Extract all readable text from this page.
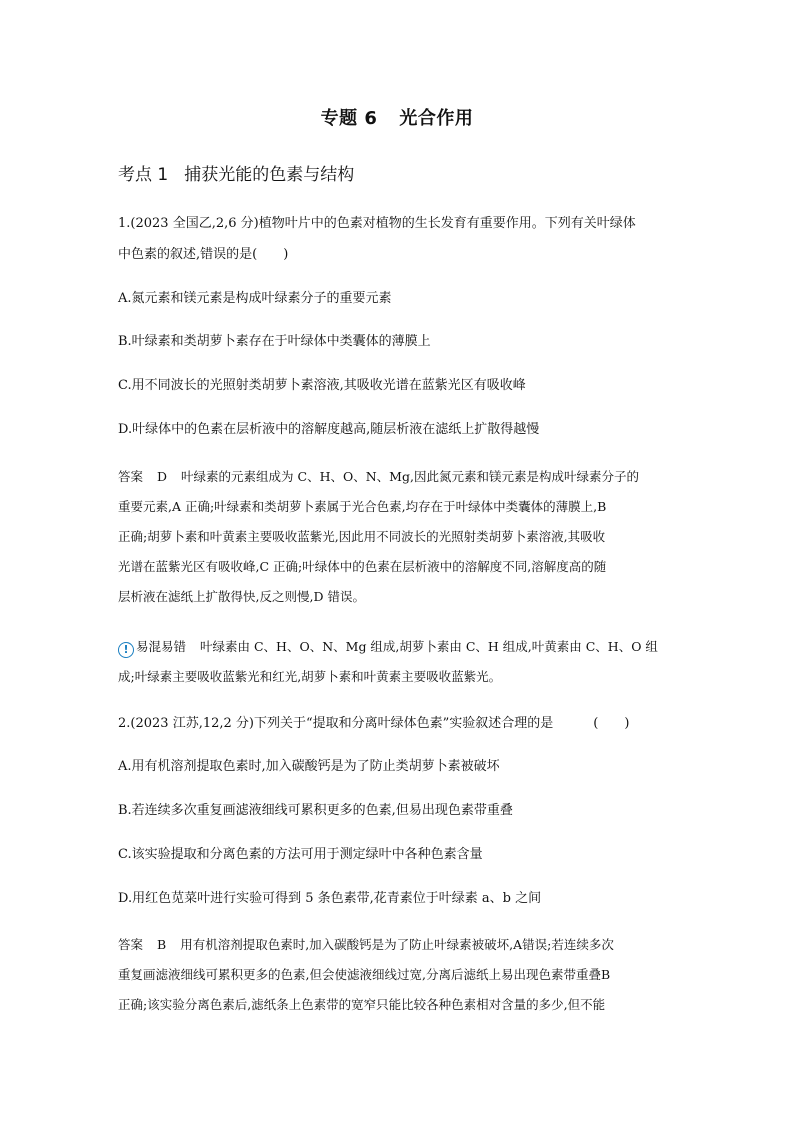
专题 6 光合作用
考点 1 捕获光能的色素与结构
1.(2023 全国乙,2,6 分)植物叶片中的色素对植物的生长发育有重要作用。下列有关叶绿体
中色素的叙述,错误的是(　　)
A.氮元素和镁元素是构成叶绿素分子的重要元素
B.叶绿素和类胡萝卜素存在于叶绿体中类囊体的薄膜上
C.用不同波长的光照射类胡萝卜素溶液,其吸收光谱在蓝紫光区有吸收峰
D.叶绿体中的色素在层析液中的溶解度越高,随层析液在滤纸上扩散得越慢
答案 D 叶绿素的元素组成为 C、H、O、N、Mg,因此氮元素和镁元素是构成叶绿素分子的
重要元素,A 正确;叶绿素和类胡萝卜素属于光合色素,均存在于叶绿体中类囊体的薄膜上,B
正确;胡萝卜素和叶黄素主要吸收蓝紫光,因此用不同波长的光照射类胡萝卜素溶液,其吸收
光谱在蓝紫光区有吸收峰,C 正确;叶绿体中的色素在层析液中的溶解度不同,溶解度高的随
层析液在滤纸上扩散得快,反之则慢,D 错误。
! 易混易错 叶绿素由 C、H、O、N、Mg 组成,胡萝卜素由 C、H 组成,叶黄素由 C、H、O 组
成;叶绿素主要吸收蓝紫光和红光,胡萝卜素和叶黄素主要吸收蓝紫光。
2.(2023 江苏,12,2 分)下列关于“提取和分离叶绿体色素”实验叙述合理的是	(　　)
A.用有机溶剂提取色素时,加入碳酸钙是为了防止类胡萝卜素被破坏
B.若连续多次重复画滤液细线可累积更多的色素,但易出现色素带重叠
C.该实验提取和分离色素的方法可用于测定绿叶中各种色素含量
D.用红色苋菜叶进行实验可得到 5 条色素带,花青素位于叶绿素 a、b 之间
答案 B 用有机溶剂提取色素时,加入碳酸钙是为了防止叶绿素被破坏,A错误;若连续多次
重复画滤液细线可累积更多的色素,但会使滤液细线过宽,分离后滤纸上易出现色素带重叠B
正确;该实验分离色素后,滤纸条上色素带的宽窄只能比较各种色素相对含量的多少,但不能
